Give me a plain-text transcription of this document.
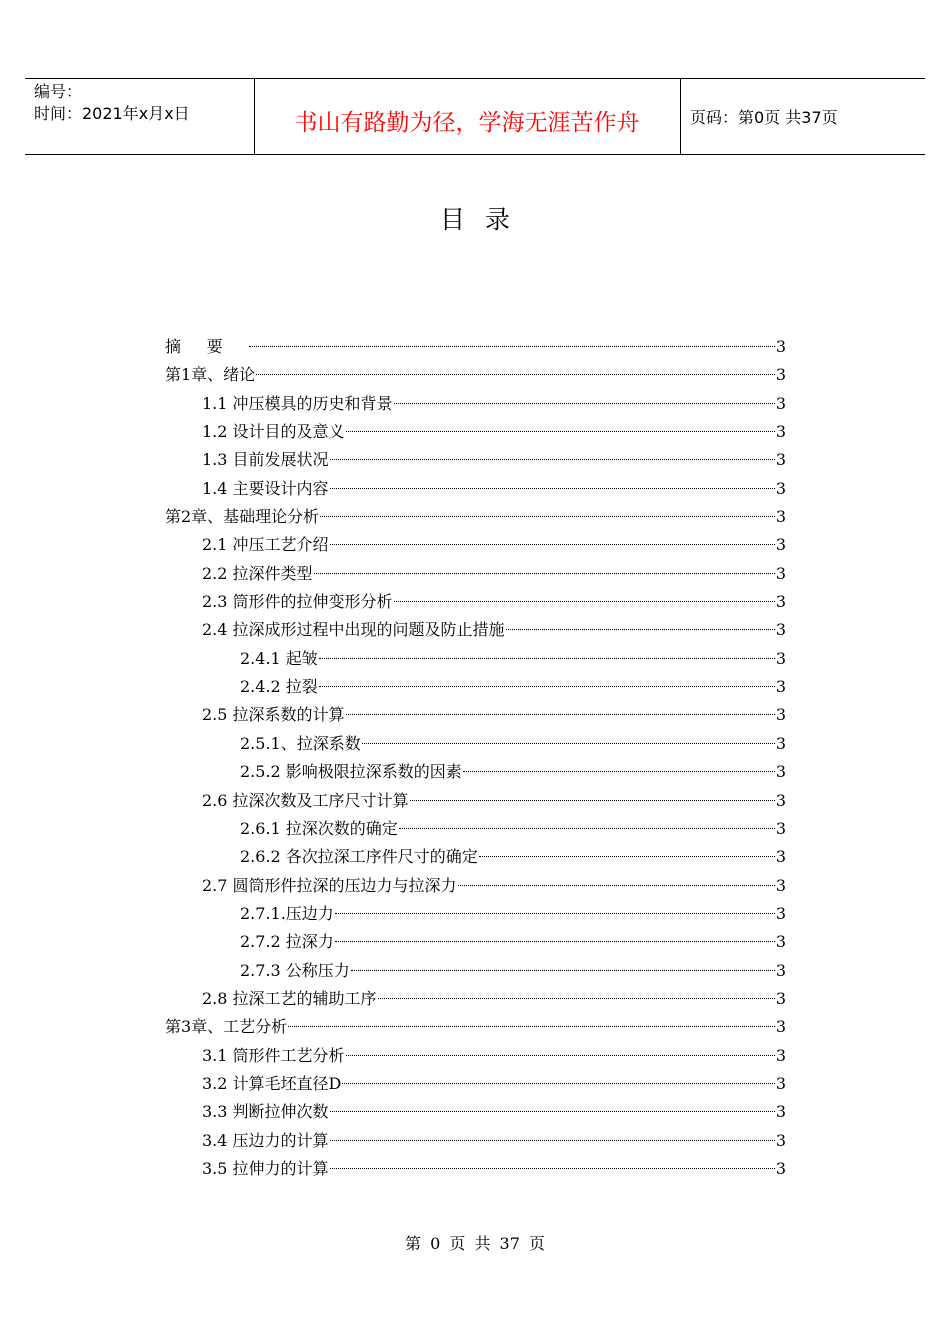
编号：
时间：2021年x月x日	书山有路勤为径，学海无涯苦作舟	页码：第0页 共37页
目录
摘要	3
第1章、绪论	3
1.1 冲压模具的历史和背景	3
1.2 设计目的及意义	3
1.3 目前发展状况	3
1.4 主要设计内容	3
第2章、基础理论分析	3
2.1 冲压工艺介绍	3
2.2 拉深件类型	3
2.3 筒形件的拉伸变形分析	3
2.4 拉深成形过程中出现的问题及防止措施	3
2.4.1 起皱	3
2.4.2 拉裂	3
2.5 拉深系数的计算	3
2.5.1、拉深系数	3
2.5.2 影响极限拉深系数的因素	3
2.6 拉深次数及工序尺寸计算	3
2.6.1 拉深次数的确定	3
2.6.2 各次拉深工序件尺寸的确定	3
2.7 圆筒形件拉深的压边力与拉深力	3
2.7.1.压边力	3
2.7.2 拉深力	3
2.7.3 公称压力	3
2.8 拉深工艺的辅助工序	3
第3章、工艺分析	3
3.1 筒形件工艺分析	3
3.2 计算毛坯直径D	3
3.3 判断拉伸次数	3
3.4 压边力的计算	3
3.5 拉伸力的计算	3
第 0 页 共 37 页
